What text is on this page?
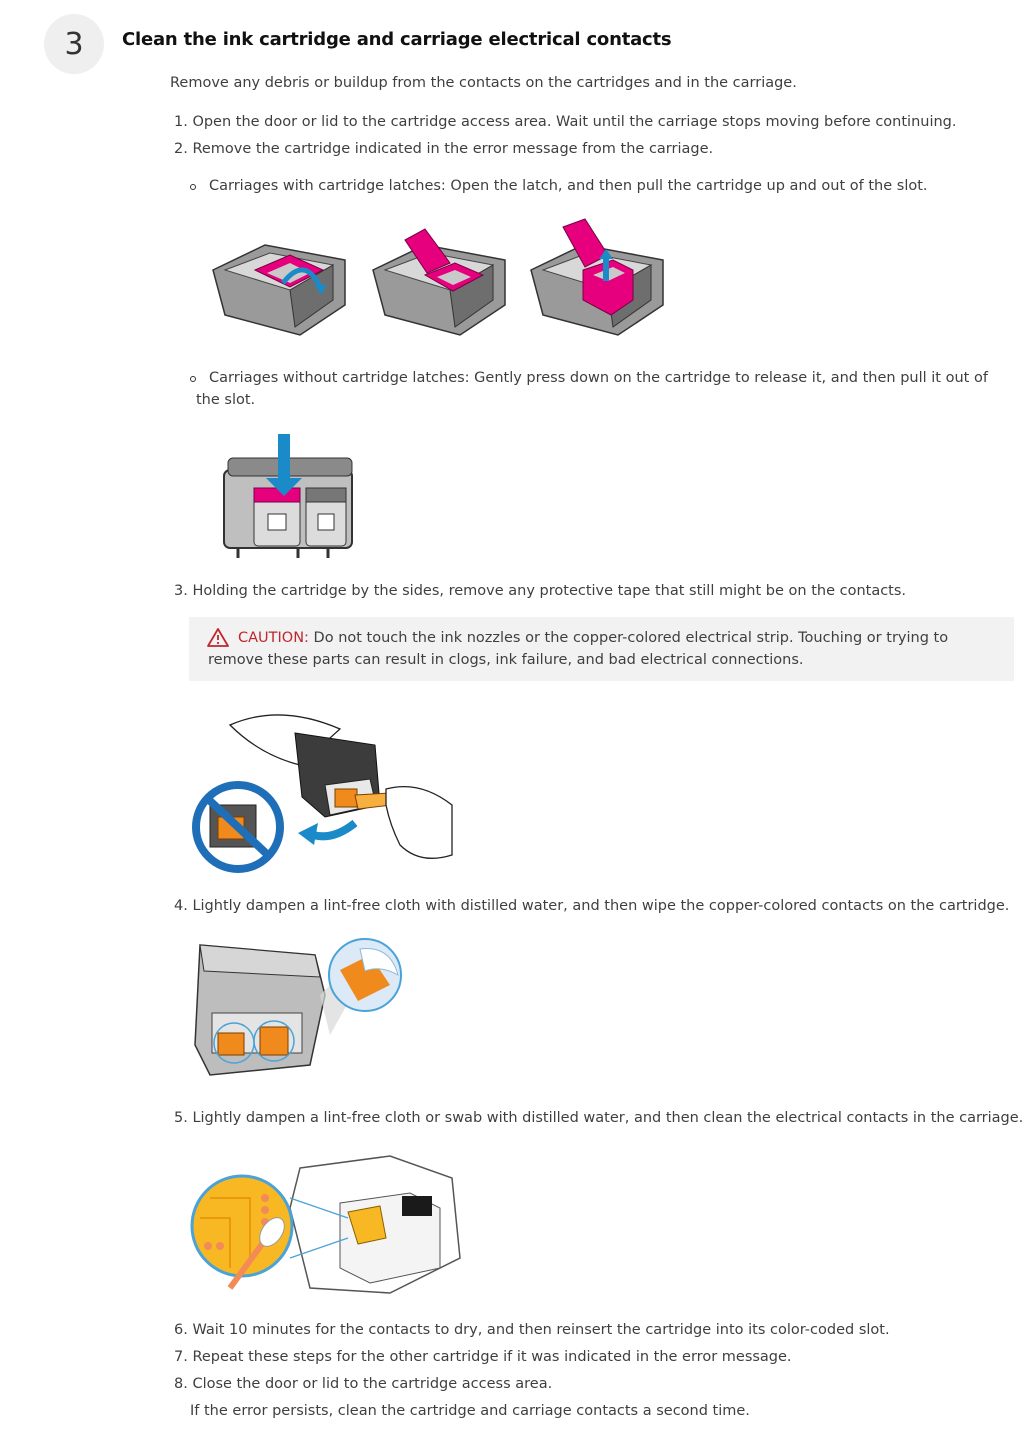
3	Clean the ink cartridge and carriage electrical contacts
Remove any debris or buildup from the contacts on the cartridges and in the carriage.
1. Open the door or lid to the cartridge access area. Wait until the carriage stops moving before continuing.
2. Remove the cartridge indicated in the error message from the carriage.
Carriages with cartridge latches: Open the latch, and then pull the cartridge up and out of the slot.
Carriages without cartridge latches: Gently press down on the cartridge to release it, and then pull it out of the slot.
3. Holding the cartridge by the sides, remove any protective tape that still might be on the contacts.
CAUTION: Do not touch the ink nozzles or the copper-colored electrical strip. Touching or trying to remove these parts can result in clogs, ink failure, and bad electrical connections.
4. Lightly dampen a lint-free cloth with distilled water, and then wipe the copper-colored contacts on the cartridge.
5. Lightly dampen a lint-free cloth or swab with distilled water, and then clean the electrical contacts in the carriage.
6. Wait 10 minutes for the contacts to dry, and then reinsert the cartridge into its color-coded slot.
7. Repeat these steps for the other cartridge if it was indicated in the error message.
8. Close the door or lid to the cartridge access area.
If the error persists, clean the cartridge and carriage contacts a second time.
